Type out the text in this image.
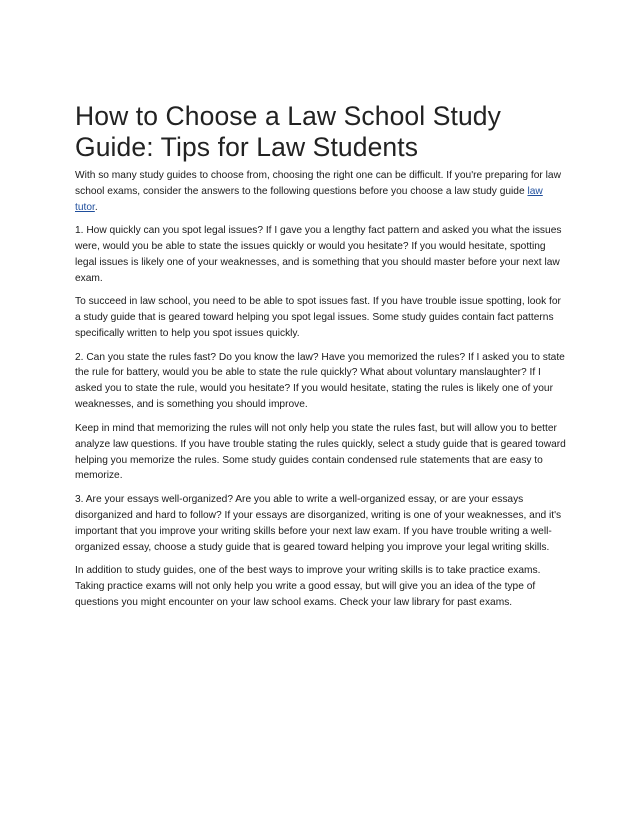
How to Choose a Law School Study Guide: Tips for Law Students

With so many study guides to choose from, choosing the right one can be difficult. If you're preparing for law school exams, consider the answers to the following questions before you choose a law study guide law tutor.

1. How quickly can you spot legal issues? If I gave you a lengthy fact pattern and asked you what the issues were, would you be able to state the issues quickly or would you hesitate? If you would hesitate, spotting legal issues is likely one of your weaknesses, and is something that you should master before your next law exam.

To succeed in law school, you need to be able to spot issues fast. If you have trouble issue spotting, look for a study guide that is geared toward helping you spot legal issues. Some study guides contain fact patterns specifically written to help you spot issues quickly.

2. Can you state the rules fast? Do you know the law? Have you memorized the rules? If I asked you to state the rule for battery, would you be able to state the rule quickly? What about voluntary manslaughter? If I asked you to state the rule, would you hesitate? If you would hesitate, stating the rules is likely one of your weaknesses, and is something you should improve.

Keep in mind that memorizing the rules will not only help you state the rules fast, but will allow you to better analyze law questions. If you have trouble stating the rules quickly, select a study guide that is geared toward helping you memorize the rules. Some study guides contain condensed rule statements that are easy to memorize.

3. Are your essays well-organized? Are you able to write a well-organized essay, or are your essays disorganized and hard to follow? If your essays are disorganized, writing is one of your weaknesses, and it's important that you improve your writing skills before your next law exam. If you have trouble writing a well-organized essay, choose a study guide that is geared toward helping you improve your legal writing skills.

In addition to study guides, one of the best ways to improve your writing skills is to take practice exams. Taking practice exams will not only help you write a good essay, but will give you an idea of the type of questions you might encounter on your law school exams. Check your law library for past exams.
